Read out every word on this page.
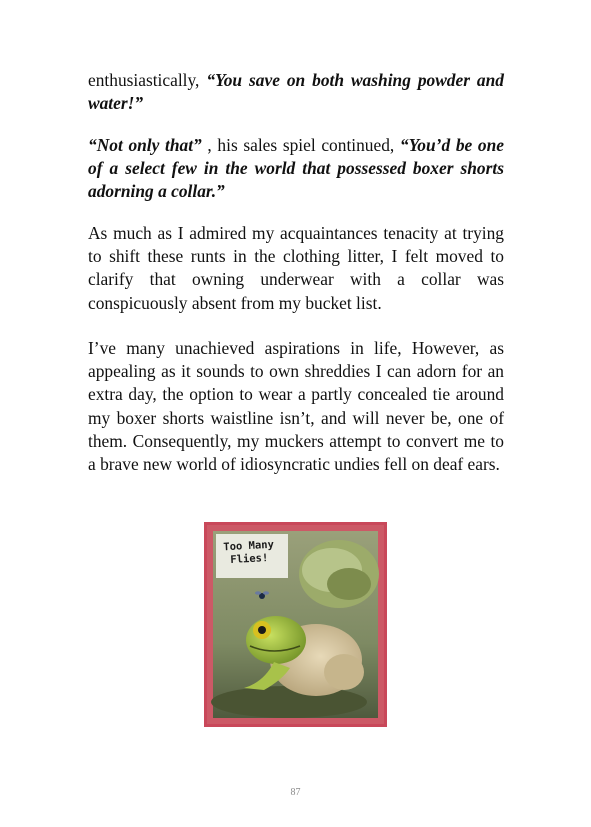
enthusiastically, “You save on both washing powder and water!”

“Not only that” , his sales spiel continued, “You’d be one of a select few in the world that possessed boxer shorts adorning a collar.”

As much as I admired my acquaintances tenacity at trying to shift these runts in the clothing litter, I felt moved to clarify that owning underwear with a collar was conspicuously absent from my bucket list.

I’ve many unachieved aspirations in life, However, as appealing as it sounds to own shreddies I can adorn for an extra day, the option to wear a partly concealed tie around my boxer shorts waistline isn’t, and will never be, one of them. Consequently, my muckers attempt to convert me to a brave new world of idiosyncratic undies fell on deaf ears.

Too Many
Flies!
87
